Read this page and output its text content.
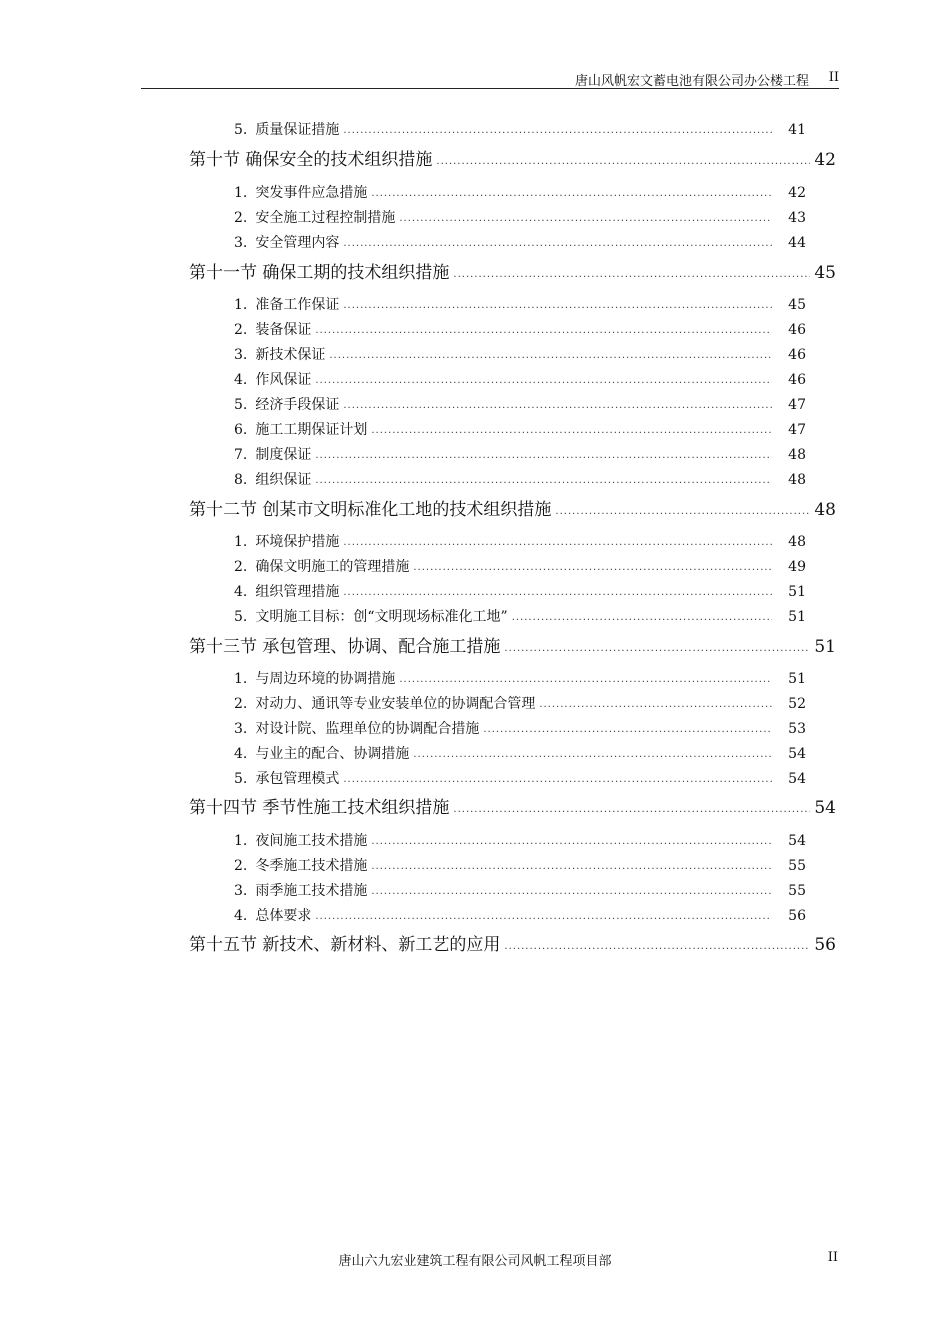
唐山风帆宏文蓄电池有限公司办公楼工程 II
5. 质量保证措施 .....	41
第十节 确保安全的技术组织措施 .....	42
1. 突发事件应急措施 .....	42
2. 安全施工过程控制措施 .....	43
3. 安全管理内容 .....	44
第十一节 确保工期的技术组织措施 .....	45
1. 准备工作保证 .....	45
2. 装备保证 .....	46
3. 新技术保证 .....	46
4. 作风保证 .....	46
5. 经济手段保证 .....	47
6. 施工工期保证计划 .....	47
7. 制度保证 .....	48
8. 组织保证 .....	48
第十二节 创某市文明标准化工地的技术组织措施 .....	48
1. 环境保护措施 .....	48
2. 确保文明施工的管理措施 .....	49
4. 组织管理措施 .....	51
5. 文明施工目标：创“文明现场标准化工地” .....	51
第十三节 承包管理、协调、配合施工措施 .....	51
1. 与周边环境的协调措施 .....	51
2. 对动力、通讯等专业安装单位的协调配合管理 .....	52
3. 对设计院、监理单位的协调配合措施 .....	53
4. 与业主的配合、协调措施 .....	54
5. 承包管理模式 .....	54
第十四节 季节性施工技术组织措施 .....	54
1. 夜间施工技术措施 .....	54
2. 冬季施工技术措施 .....	55
3. 雨季施工技术措施 .....	55
4. 总体要求 .....	56
第十五节 新技术、新材料、新工艺的应用 .....	56
唐山六九宏业建筑工程有限公司风帆工程项目部	II
